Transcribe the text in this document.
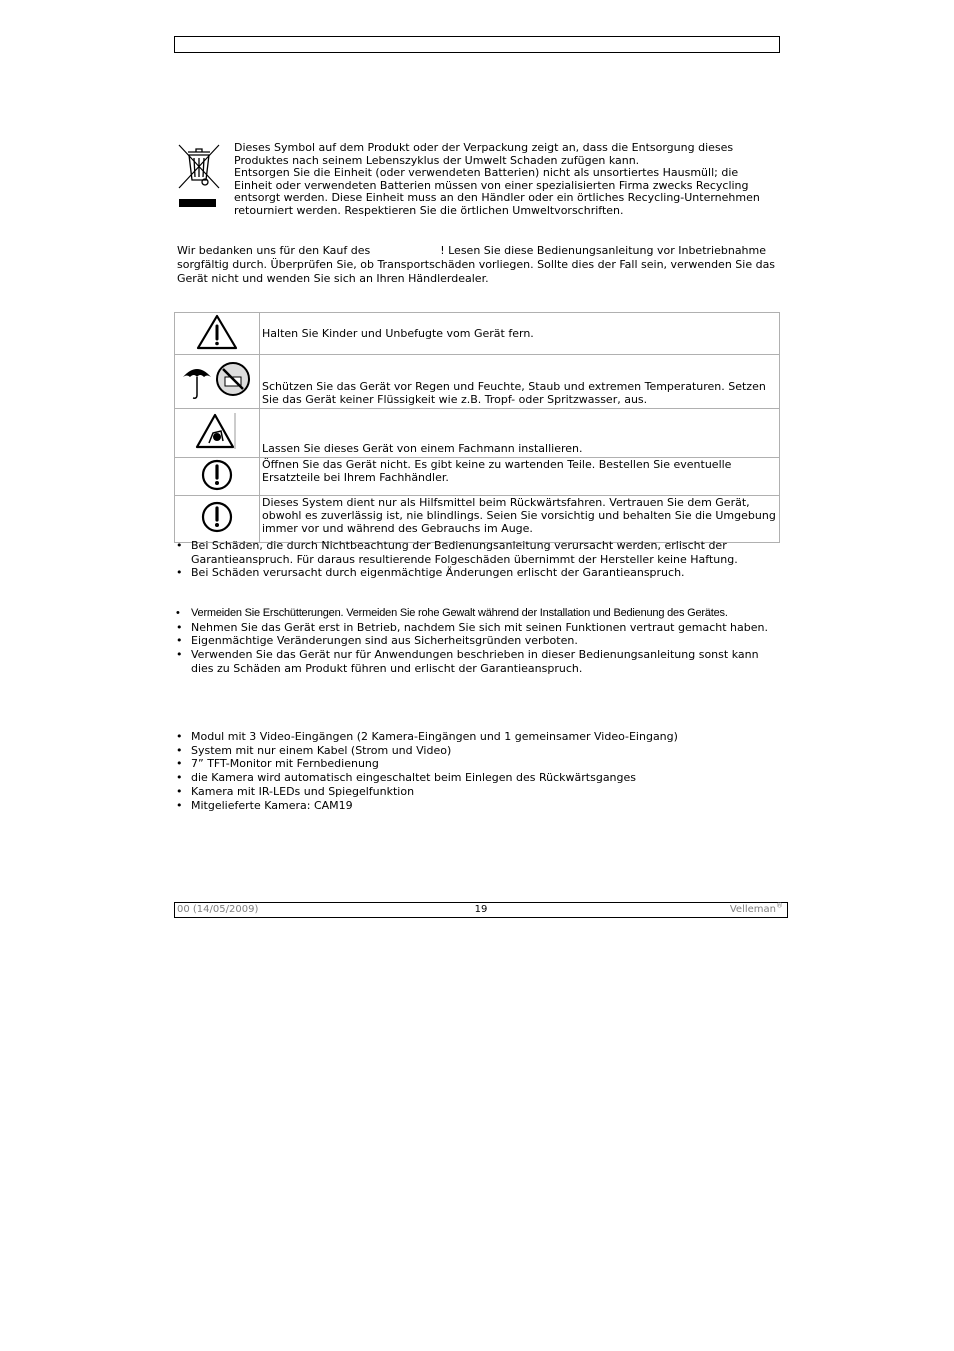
Dieses Symbol auf dem Produkt oder der Verpackung zeigt an, dass die Entsorgung dieses Produktes nach seinem Lebenszyklus der Umwelt Schaden zufügen kann.

Entsorgen Sie die Einheit (oder verwendeten Batterien) nicht als unsortiertes Hausmüll; die Einheit oder verwendeten Batterien müssen von einer spezialisierten Firma zwecks Recycling entsorgt werden. Diese Einheit muss an den Händler oder ein örtliches Recycling-Unternehmen retourniert werden. Respektieren Sie die örtlichen Umweltvorschriften.

Wir bedanken uns für den Kauf des	! Lesen Sie diese Bedienungsanleitung vor Inbetriebnahme sorgfältig durch. Überprüfen Sie, ob Transportschäden vorliegen. Sollte dies der Fall sein, verwenden Sie das Gerät nicht und wenden Sie sich an Ihren Händlerdealer.
	Halten Sie Kinder und Unbefugte vom Gerät fern.
	Schützen Sie das Gerät vor Regen und Feuchte, Staub und extremen Temperaturen. Setzen Sie das Gerät keiner Flüssigkeit wie z.B. Tropf- oder Spritzwasser, aus.
	Lassen Sie dieses Gerät von einem Fachmann installieren.
	Öffnen Sie das Gerät nicht. Es gibt keine zu wartenden Teile. Bestellen Sie eventuelle Ersatzteile bei Ihrem Fachhändler.
	Dieses System dient nur als Hilfsmittel beim Rückwärtsfahren. Vertrauen Sie dem Gerät, obwohl es zuverlässig ist, nie blindlings. Seien Sie vorsichtig und behalten Sie die Umgebung immer vor und während des Gebrauchs im Auge.
• Bei Schäden, die durch Nichtbeachtung der Bedienungsanleitung verursacht werden, erlischt der Garantieanspruch. Für daraus resultierende Folgeschäden übernimmt der Hersteller keine Haftung.
• Bei Schäden verursacht durch eigenmächtige Änderungen erlischt der Garantieanspruch.
• Vermeiden Sie Erschütterungen. Vermeiden Sie rohe Gewalt während der Installation und Bedienung des Gerätes.
• Nehmen Sie das Gerät erst in Betrieb, nachdem Sie sich mit seinen Funktionen vertraut gemacht haben.
• Eigenmächtige Veränderungen sind aus Sicherheitsgründen verboten.
• Verwenden Sie das Gerät nur für Anwendungen beschrieben in dieser Bedienungsanleitung sonst kann dies zu Schäden am Produkt führen und erlischt der Garantieanspruch.
• Modul mit 3 Video-Eingängen (2 Kamera-Eingängen und 1 gemeinsamer Video-Eingang)
• System mit nur einem Kabel (Strom und Video)
• 7” TFT-Monitor mit Fernbedienung
• die Kamera wird automatisch eingeschaltet beim Einlegen des Rückwärtsganges
• Kamera mit IR-LEDs und Spiegelfunktion
• Mitgelieferte Kamera: CAM19
00 (14/05/2009)	19	Velleman®
